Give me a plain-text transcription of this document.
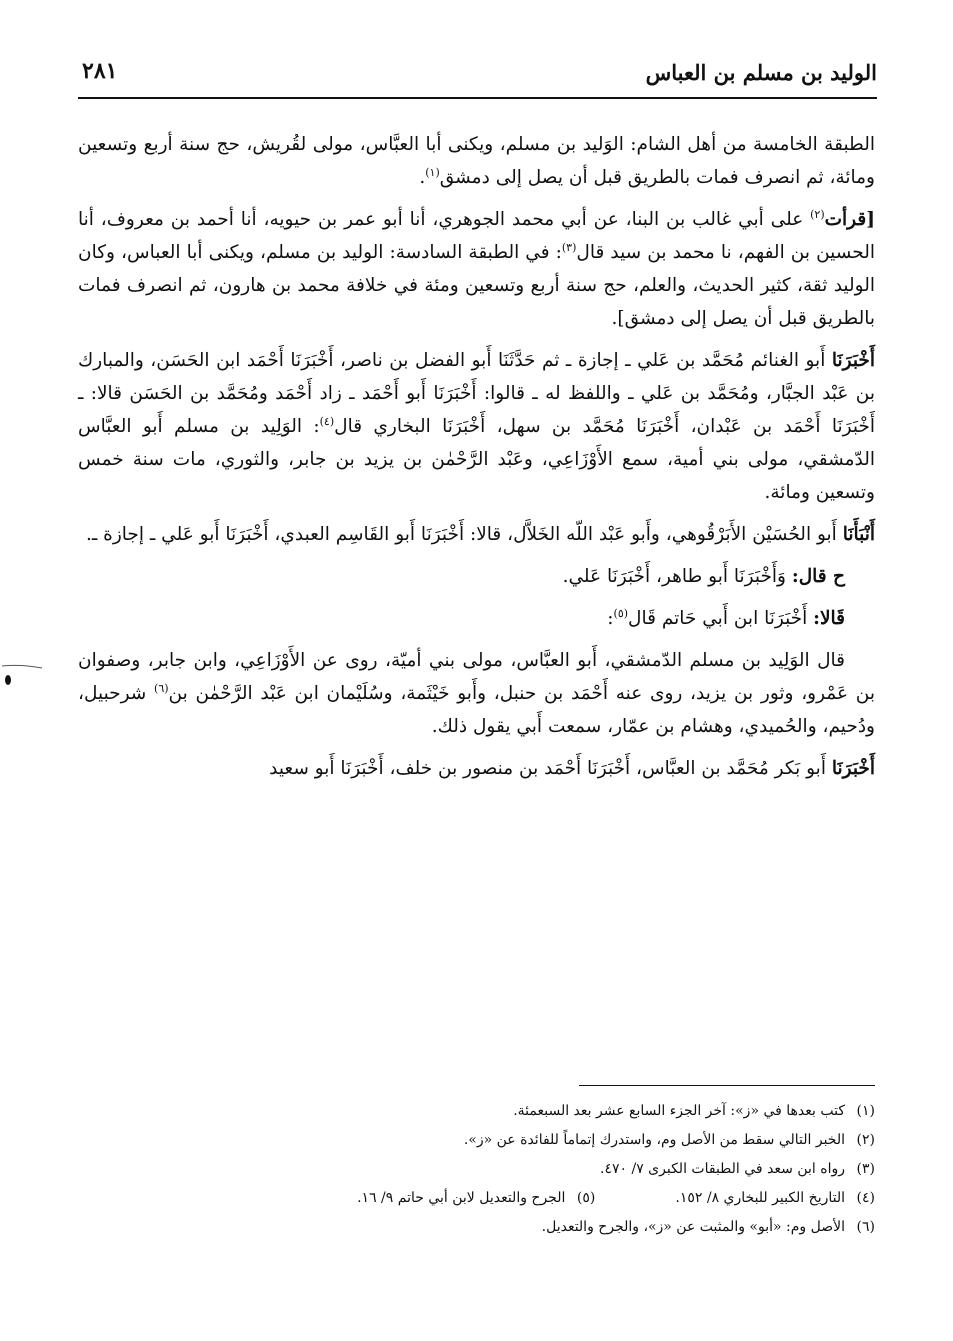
الوليد بن مسلم بن العباس
٢٨١

الطبقة الخامسة من أهل الشام: الوَليد بن مسلم، ويكنى أبا العبَّاس، مولى لقُريش، حج سنة أربع وتسعين ومائة، ثم انصرف فمات بالطريق قبل أن يصل إلى دمشق$^{(١)}$.

[قرأت$^{(٢)}$ على أبي غالب بن البنا، عن أبي محمد الجوهري، أنا أبو عمر بن حيويه، أنا أحمد بن معروف، أنا الحسين بن الفهم، نا محمد بن سيد قال$^{(٣)}$: في الطبقة السادسة: الوليد بن مسلم، ويكنى أبا العباس، وكان الوليد ثقة، كثير الحديث، والعلم، حج سنة أربع وتسعين ومئة في خلافة محمد بن هارون، ثم انصرف فمات بالطريق قبل أن يصل إلى دمشق].

أَخْبَرَنَا أَبو الغنائم مُحَمَّد بن عَلي ـ إجازة ـ ثم حَدَّثَنَا أَبو الفضل بن ناصر، أَخْبَرَنَا أَحْمَد ابن الحَسَن، والمبارك بن عَبْد الجبَّار، ومُحَمَّد بن عَلي ـ واللفظ له ـ قالوا: أَخْبَرَنَا أَبو أَحْمَد ـ زاد أَحْمَد ومُحَمَّد بن الحَسَن قالا: ـ أَخْبَرَنَا أَحْمَد بن عَبْدان، أَخْبَرَنَا مُحَمَّد بن سهل، أَخْبَرَنَا البخاري قال$^{(٤)}$: الوَلِيد بن مسلم أَبو العبَّاس الدّمشقي، مولى بني أمية، سمع الأَوْزَاعِي، وعَبْد الرَّحْمٰن بن يزيد بن جابر، والثوري، مات سنة خمس وتسعين ومائة.

أَنْبَأَنَا أَبو الحُسَيْن الأَبَرْقُوهي، وأَبو عَبْد اللّه الخَلاَّل، قالا: أَخْبَرَنَا أَبو القَاسِم العبدي، أَخْبَرَنَا أَبو عَلي ـ إجازة ـ.

ح قال: وَأَخْبَرَنَا أَبو طاهر، أَخْبَرَنَا عَلي.

قَالا: أَخْبَرَنَا ابن أَبي حَاتم قَال$^{(٥)}$:

قال الوَلِيد بن مسلم الدّمشقي، أَبو العبَّاس، مولى بني أميّة، روى عن الأَوْزَاعِي، وابن جابر، وصفوان بن عَمْرو، وثور بن يزيد، روى عنه أَحْمَد بن حنبل، وأَبو خَيْثَمة، وسُلَيْمان ابن عَبْد الرَّحْمٰن بن$^{(٦)}$ شرحبيل، ودُحيم، والحُميدي، وهشام بن عمّار، سمعت أَبي يقول ذلك.

أَخْبَرَنَا أَبو بَكر مُحَمَّد بن العبَّاس، أَخْبَرَنَا أَحْمَد بن منصور بن خلف، أَخْبَرَنَا أَبو سعيد

(١)كتب بعدها في «ز»: آخر الجزء السابع عشر بعد السبعمئة.
(٢)الخبر التالي سقط من الأصل وم، واستدرك إتماماً للفائدة عن «ز».
(٣)رواه ابن سعد في الطبقات الكبرى ٧/ ٤٧٠.
(٤)التاريخ الكبير للبخاري ٨/ ١٥٢.(٥)الجرح والتعديل لابن أبي حاتم ٩/ ١٦.
(٦)الأصل وم: «أبو» والمثبت عن «ز»، والجرح والتعديل.
